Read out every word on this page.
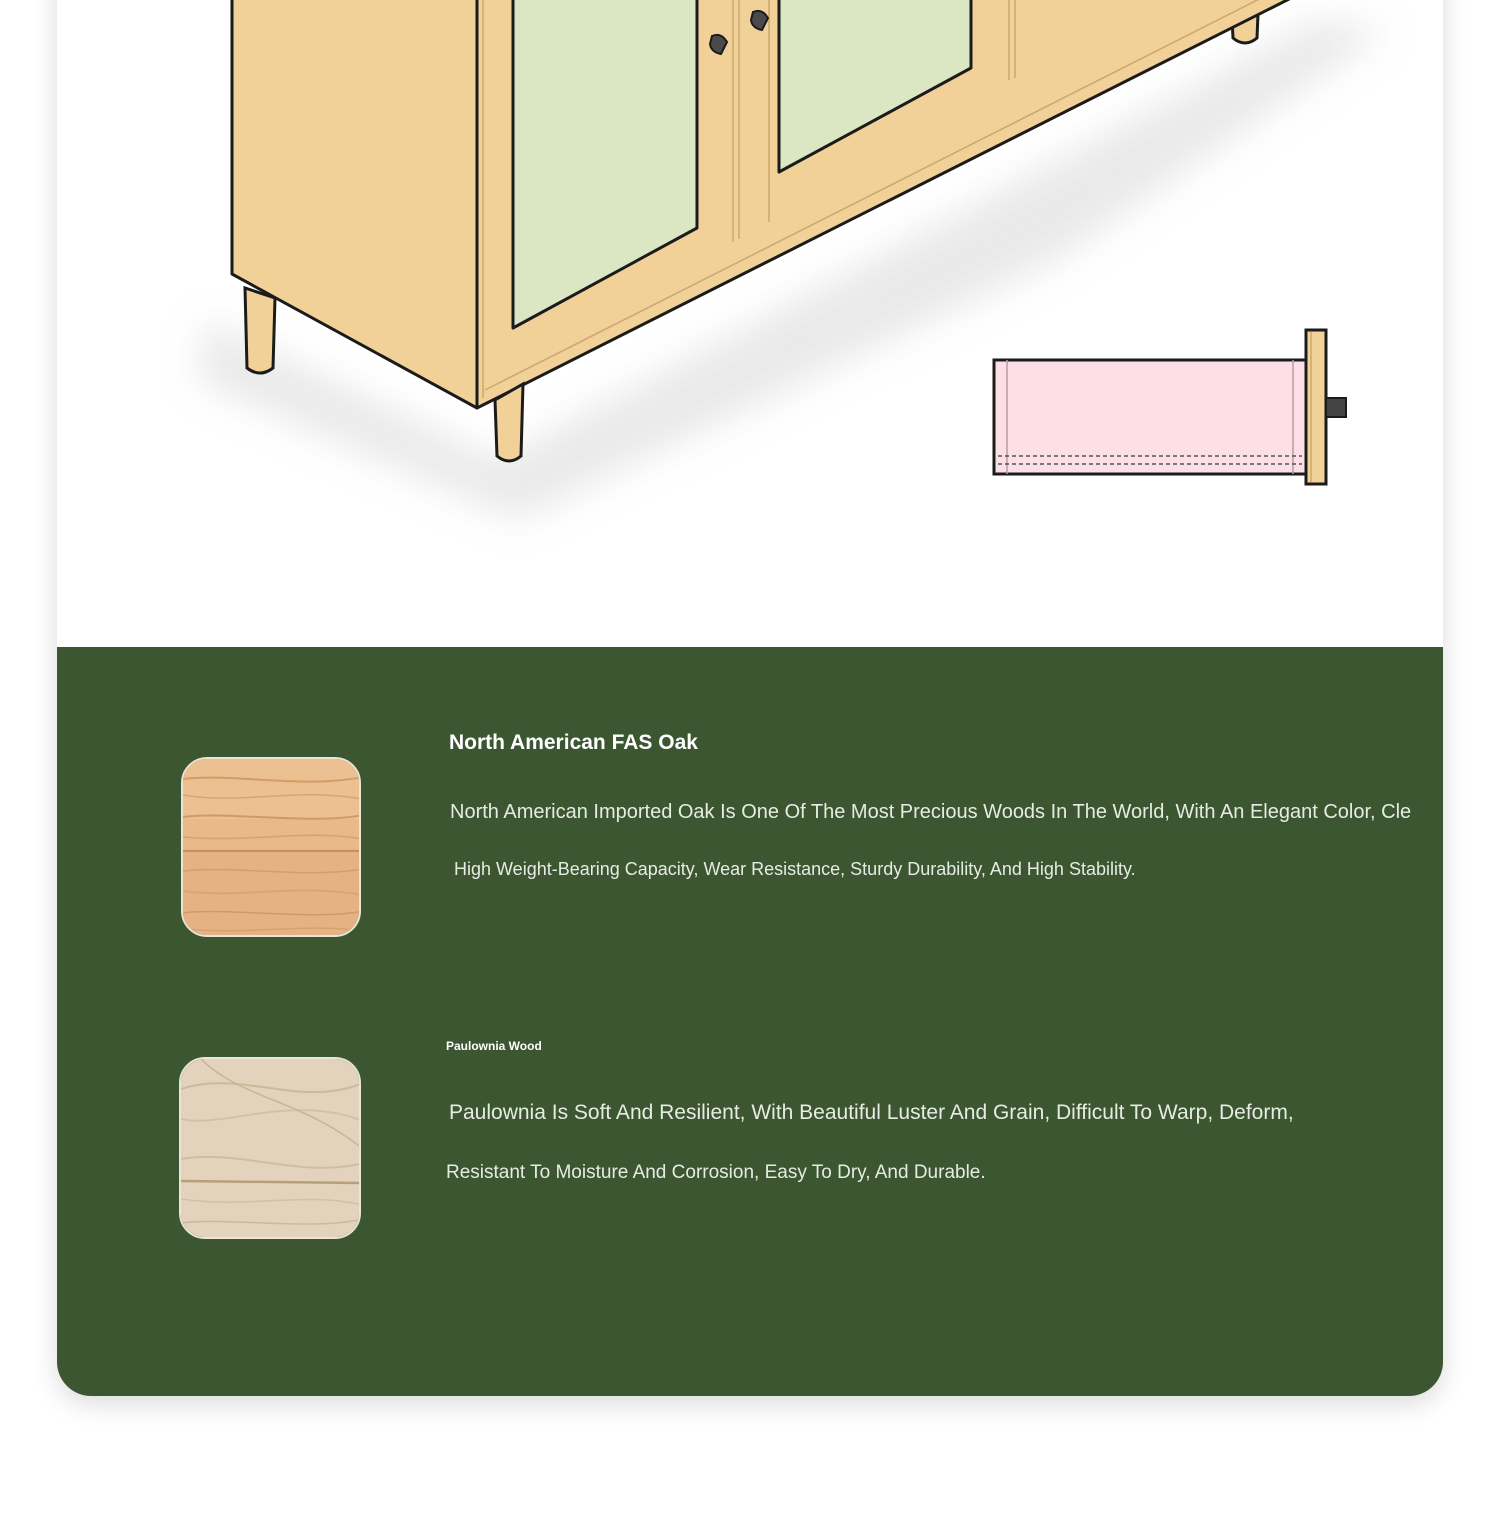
North American FAS Oak
North American Imported Oak Is One Of The Most Precious Woods In The World, With An Elegant Color, Cle
High Weight-Bearing Capacity, Wear Resistance, Sturdy Durability, And High Stability.
Paulownia Wood
Paulownia Is Soft And Resilient, With Beautiful Luster And Grain, Difficult To Warp, Deform,
Resistant To Moisture And Corrosion, Easy To Dry, And Durable.
